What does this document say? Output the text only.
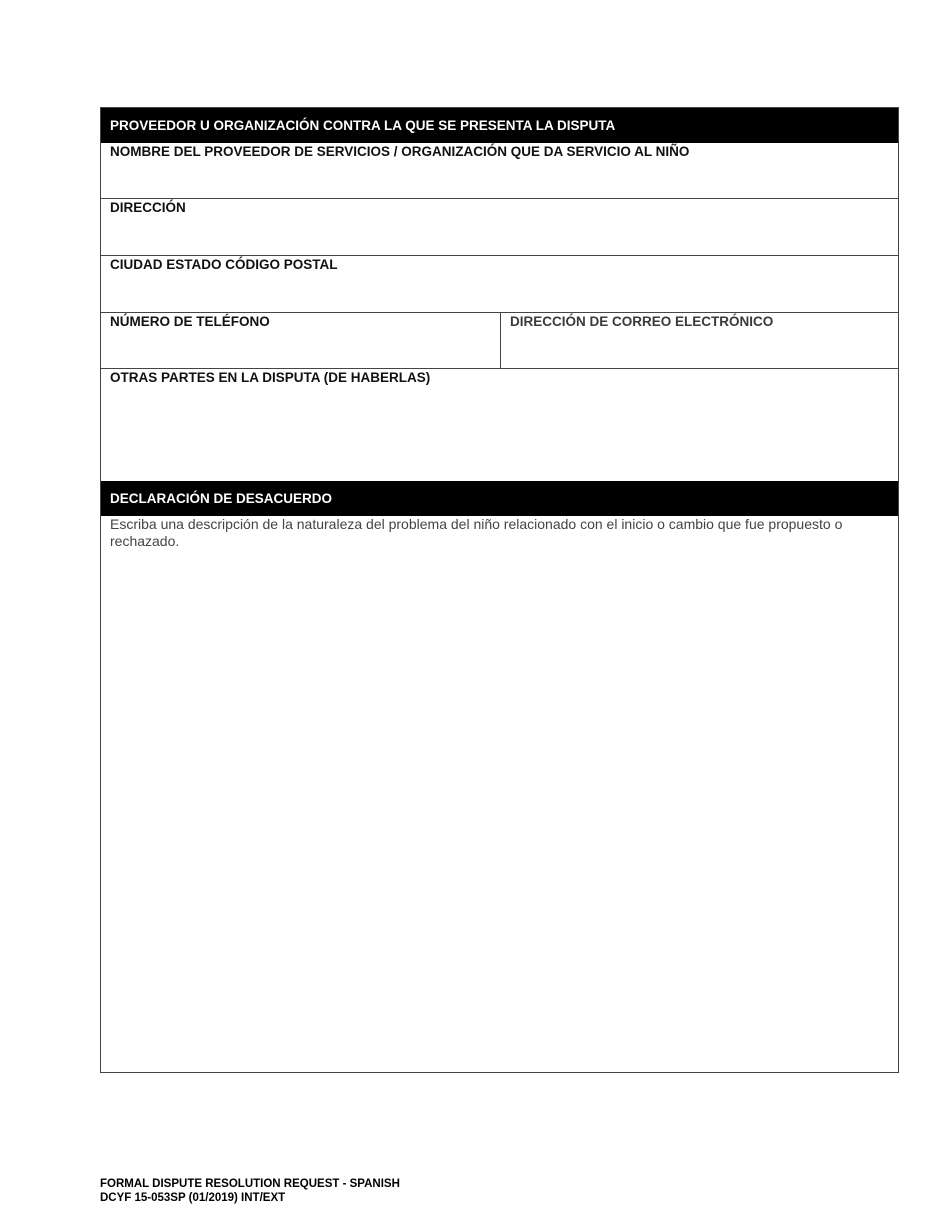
PROVEEDOR U ORGANIZACIÓN CONTRA LA QUE SE PRESENTA LA DISPUTA
NOMBRE DEL PROVEEDOR DE SERVICIOS / ORGANIZACIÓN QUE DA SERVICIO AL NIÑO
DIRECCIÓN
CIUDAD ESTADO CÓDIGO POSTAL
NÚMERO DE TELÉFONO	DIRECCIÓN DE CORREO ELECTRÓNICO
OTRAS PARTES EN LA DISPUTA (DE HABERLAS)
DECLARACIÓN DE DESACUERDO
Escriba una descripción de la naturaleza del problema del niño relacionado con el inicio o cambio que fue propuesto o rechazado.
FORMAL DISPUTE RESOLUTION REQUEST - SPANISH
DCYF 15-053SP (01/2019) INT/EXT
